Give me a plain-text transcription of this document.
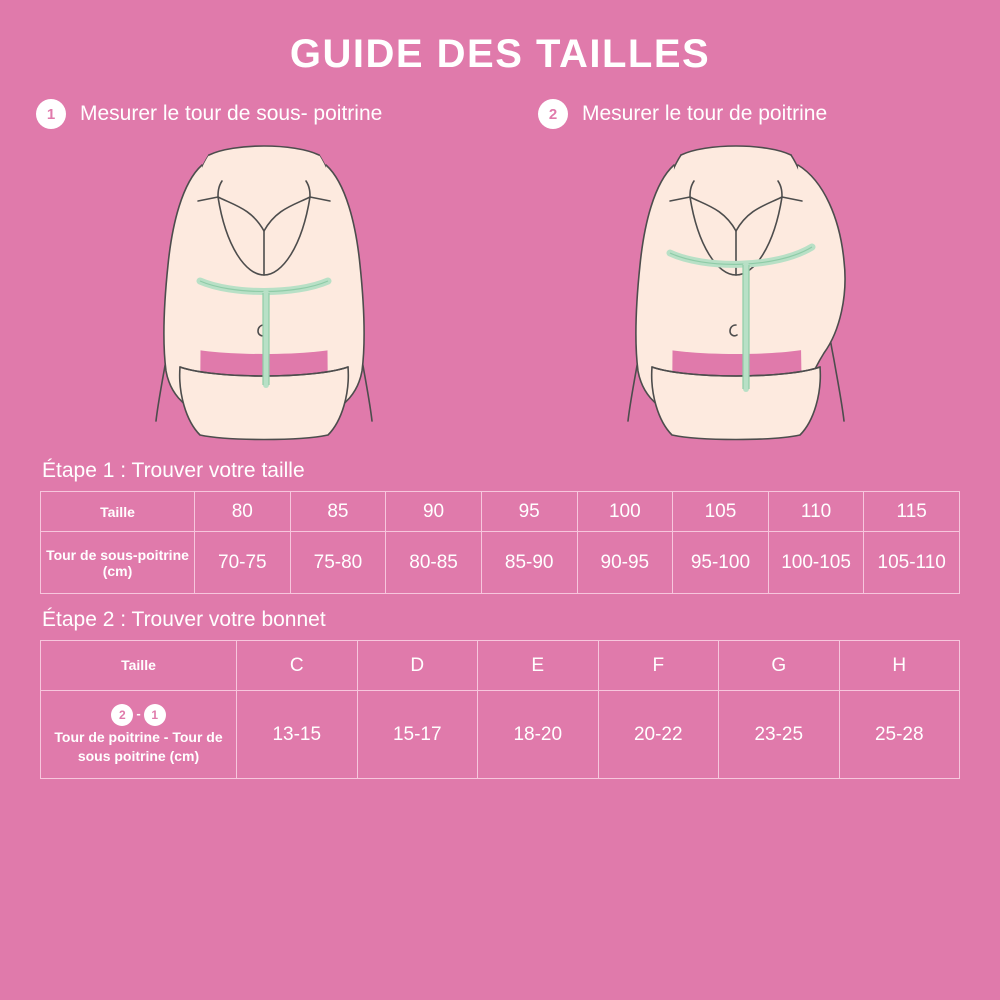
GUIDE DES TAILLES
1	Mesurer le tour de sous- poitrine	2	Mesurer le tour de poitrine
Étape 1 : Trouver votre taille
Taille	80	85	90	95	100	105	110	115
Tour de sous-poitrine (cm)	70-75	75-80	80-85	85-90	90-95	95-100	100-105	105-110
Étape 2 : Trouver votre bonnet
Taille	C	D	E	F	G	H

2 - 1
Tour de poitrine - Tour de sous poitrine (cm)	13-15	15-17	18-20	20-22	23-25	25-28
